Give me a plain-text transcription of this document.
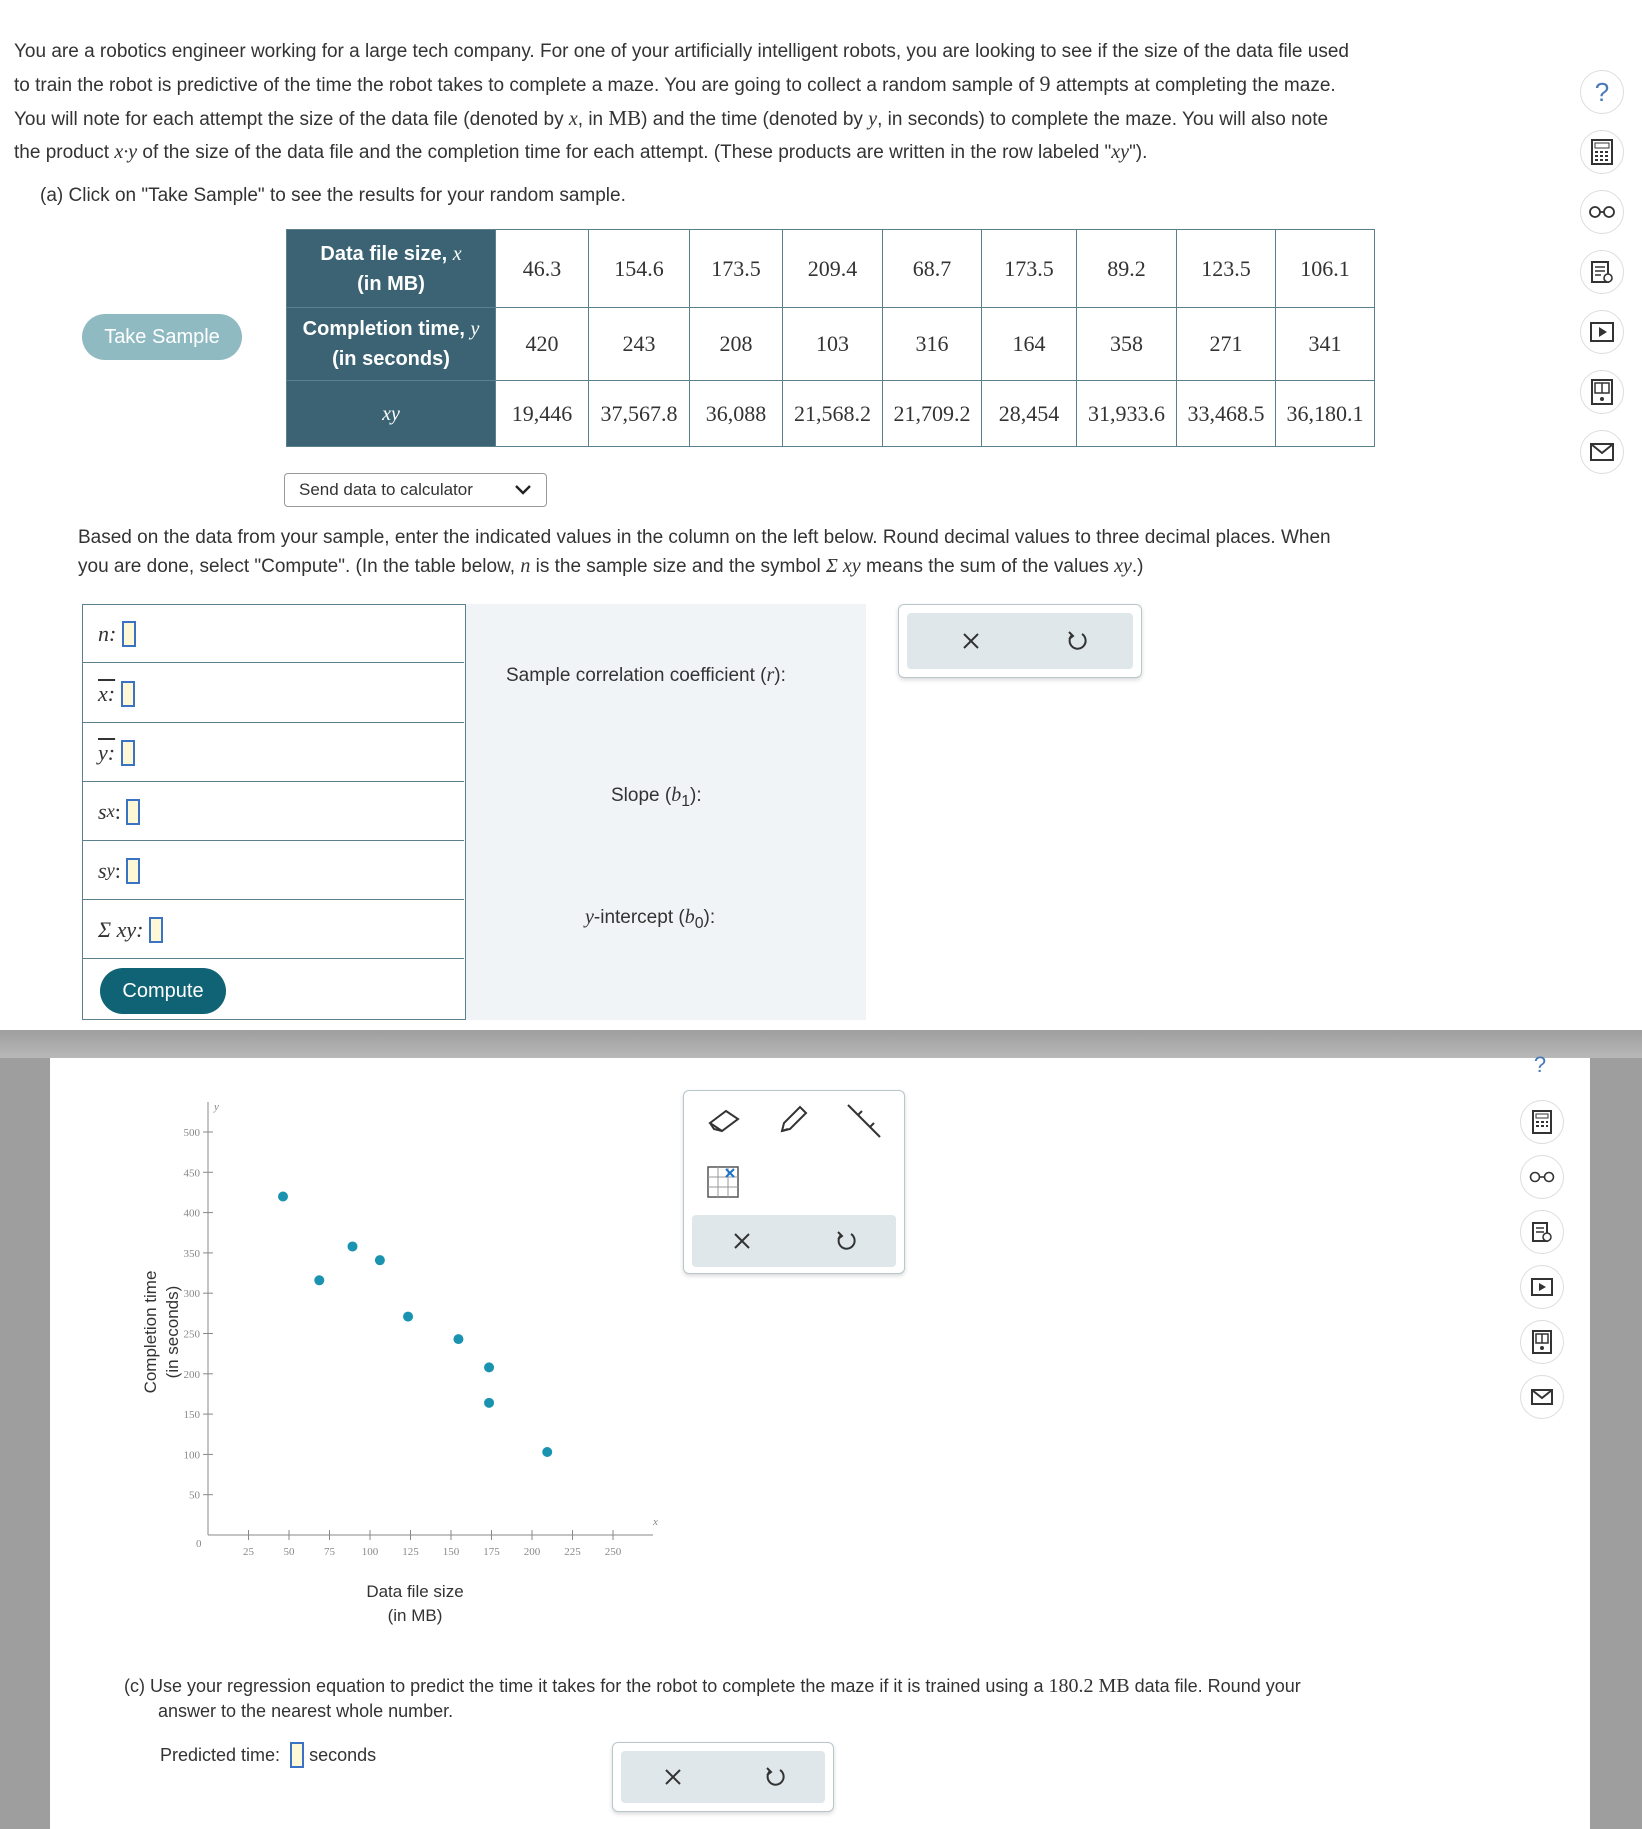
You are a robotics engineer working for a large tech company. For one of your artificially intelligent robots, you are looking to see if the size of the data file used
to train the robot is predictive of the time the robot takes to complete a maze. You are going to collect a random sample of 9 attempts at completing the maze.
You will note for each attempt the size of the data file (denoted by x, in MB) and the time (denoted by y, in seconds) to complete the maze. You will also note
the product x·y of the size of the data file and the completion time for each attempt. (These products are written in the row labeled "xy").
(a) Click on "Take Sample" to see the results for your random sample.
Take Sample
Data file size, x
(in MB)	46.3	154.6	173.5	209.4	68.7	173.5	89.2	123.5	106.1
Completion time, y
(in seconds)	420	243	208	103	316	164	358	271	341
xy	19,446	37,567.8	36,088	21,568.2	21,709.2	28,454	31,933.6	33,468.5	36,180.1
Send data to calculator
Based on the data from your sample, enter the indicated values in the column on the left below. Round decimal values to three decimal places. When
you are done, select "Compute". (In the table below, n is the sample size and the symbol Σ xy means the sum of the values xy.)
n:

x:

y:

s x :
s y :
Σ xy:

Compute
Sample correlation coefficient (r):
Slope $(b_1)$:
y-intercept $(b_0)$:
?
x
y
0
25	50	75 100 125 150 175 200 225 250
50
100
150
200
250
300
350
400
450
500
Completion time (in seconds)
Data file size
(in MB)
(c) Use your regression equation to predict the time it takes for the robot to complete the maze if it is trained using a 180.2 MB data file. Round your
answer to the nearest whole number.
Predicted time:

seconds
?
